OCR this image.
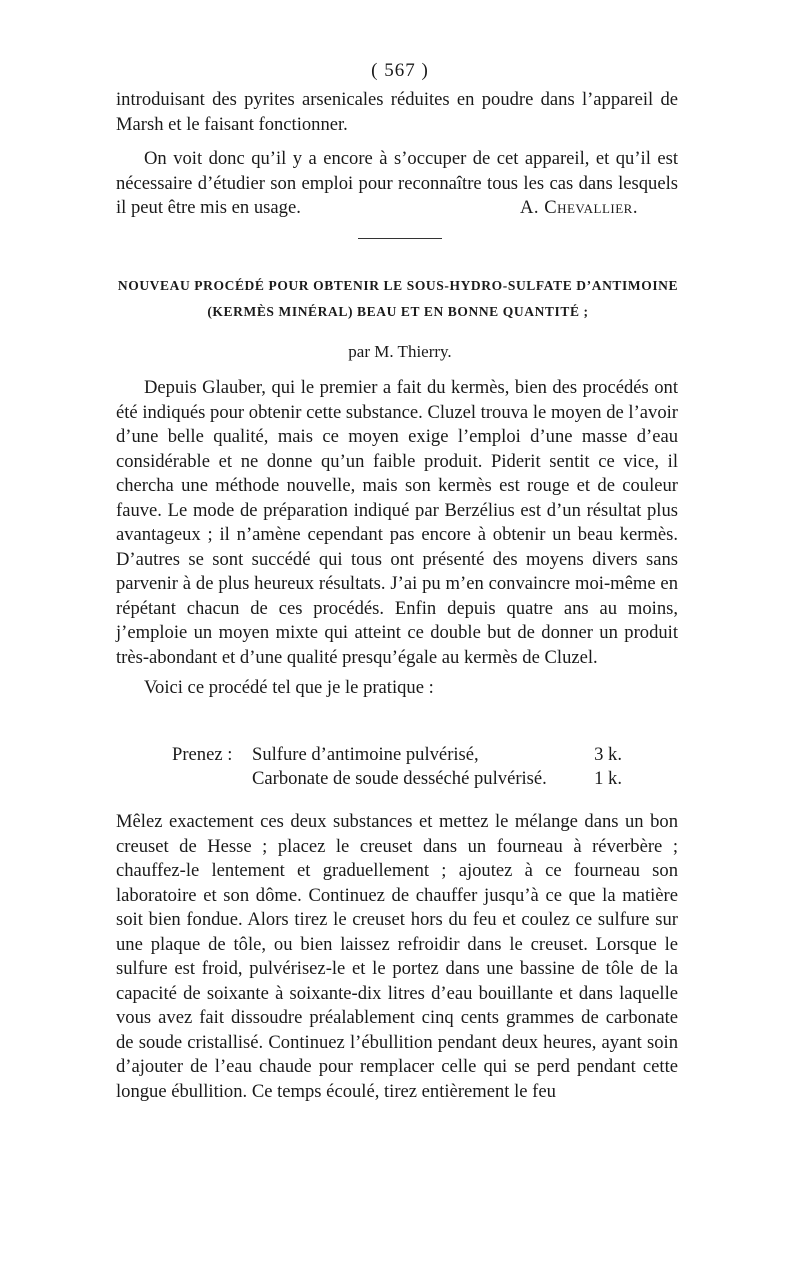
( 567 )

introduisant des pyrites arsenicales réduites en poudre dans l’appareil de Marsh et le faisant fonctionner.

On voit donc qu’il y a encore à s’occuper de cet appareil, et qu’il est nécessaire d’étudier son emploi pour reconnaître tous les cas dans lesquels il peut être mis en usage.	A. Chevallier.

NOUVEAU PROCÉDÉ POUR OBTENIR LE SOUS-HYDRO-SULFATE D’ANTIMOINE
(KERMÈS MINÉRAL) BEAU ET EN BONNE QUANTITÉ ;
par M. Thierry.

Depuis Glauber, qui le premier a fait du kermès, bien des procédés ont été indiqués pour obtenir cette substance. Cluzel trouva le moyen de l’avoir d’une belle qualité, mais ce moyen exige l’emploi d’une masse d’eau considérable et ne donne qu’un faible produit. Piderit sentit ce vice, il chercha une méthode nouvelle, mais son kermès est rouge et de couleur fauve. Le mode de préparation indiqué par Berzélius est d’un résultat plus avantageux ; il n’amène cependant pas encore à obtenir un beau kermès. D’autres se sont succédé qui tous ont présenté des moyens divers sans parvenir à de plus heureux résultats. J’ai pu m’en convaincre moi-même en répétant chacun de ces procédés. Enfin depuis quatre ans au moins, j’emploie un moyen mixte qui atteint ce double but de donner un produit très-abondant et d’une qualité presqu’égale au kermès de Cluzel.

Voici ce procédé tel que je le pratique :

Prenez : Sulfure d’antimoine pulvérisé,	3 k.
Carbonate de soude desséché pulvérisé.	1 k.

Mêlez exactement ces deux substances et mettez le mélange dans un bon creuset de Hesse ; placez le creuset dans un fourneau à réverbère ; chauffez-le lentement et graduellement ; ajoutez à ce fourneau son laboratoire et son dôme. Continuez de chauffer jusqu’à ce que la matière soit bien fondue. Alors tirez le creuset hors du feu et coulez ce sulfure sur une plaque de tôle, ou bien laissez refroidir dans le creuset. Lorsque le sulfure est froid, pulvérisez-le et le portez dans une bassine de tôle de la capacité de soixante à soixante-dix litres d’eau bouillante et dans laquelle vous avez fait dissoudre préalablement cinq cents grammes de carbonate de soude cristallisé. Continuez l’ébullition pendant deux heures, ayant soin d’ajouter de l’eau chaude pour remplacer celle qui se perd pendant cette longue ébullition. Ce temps écoulé, tirez entièrement le feu
